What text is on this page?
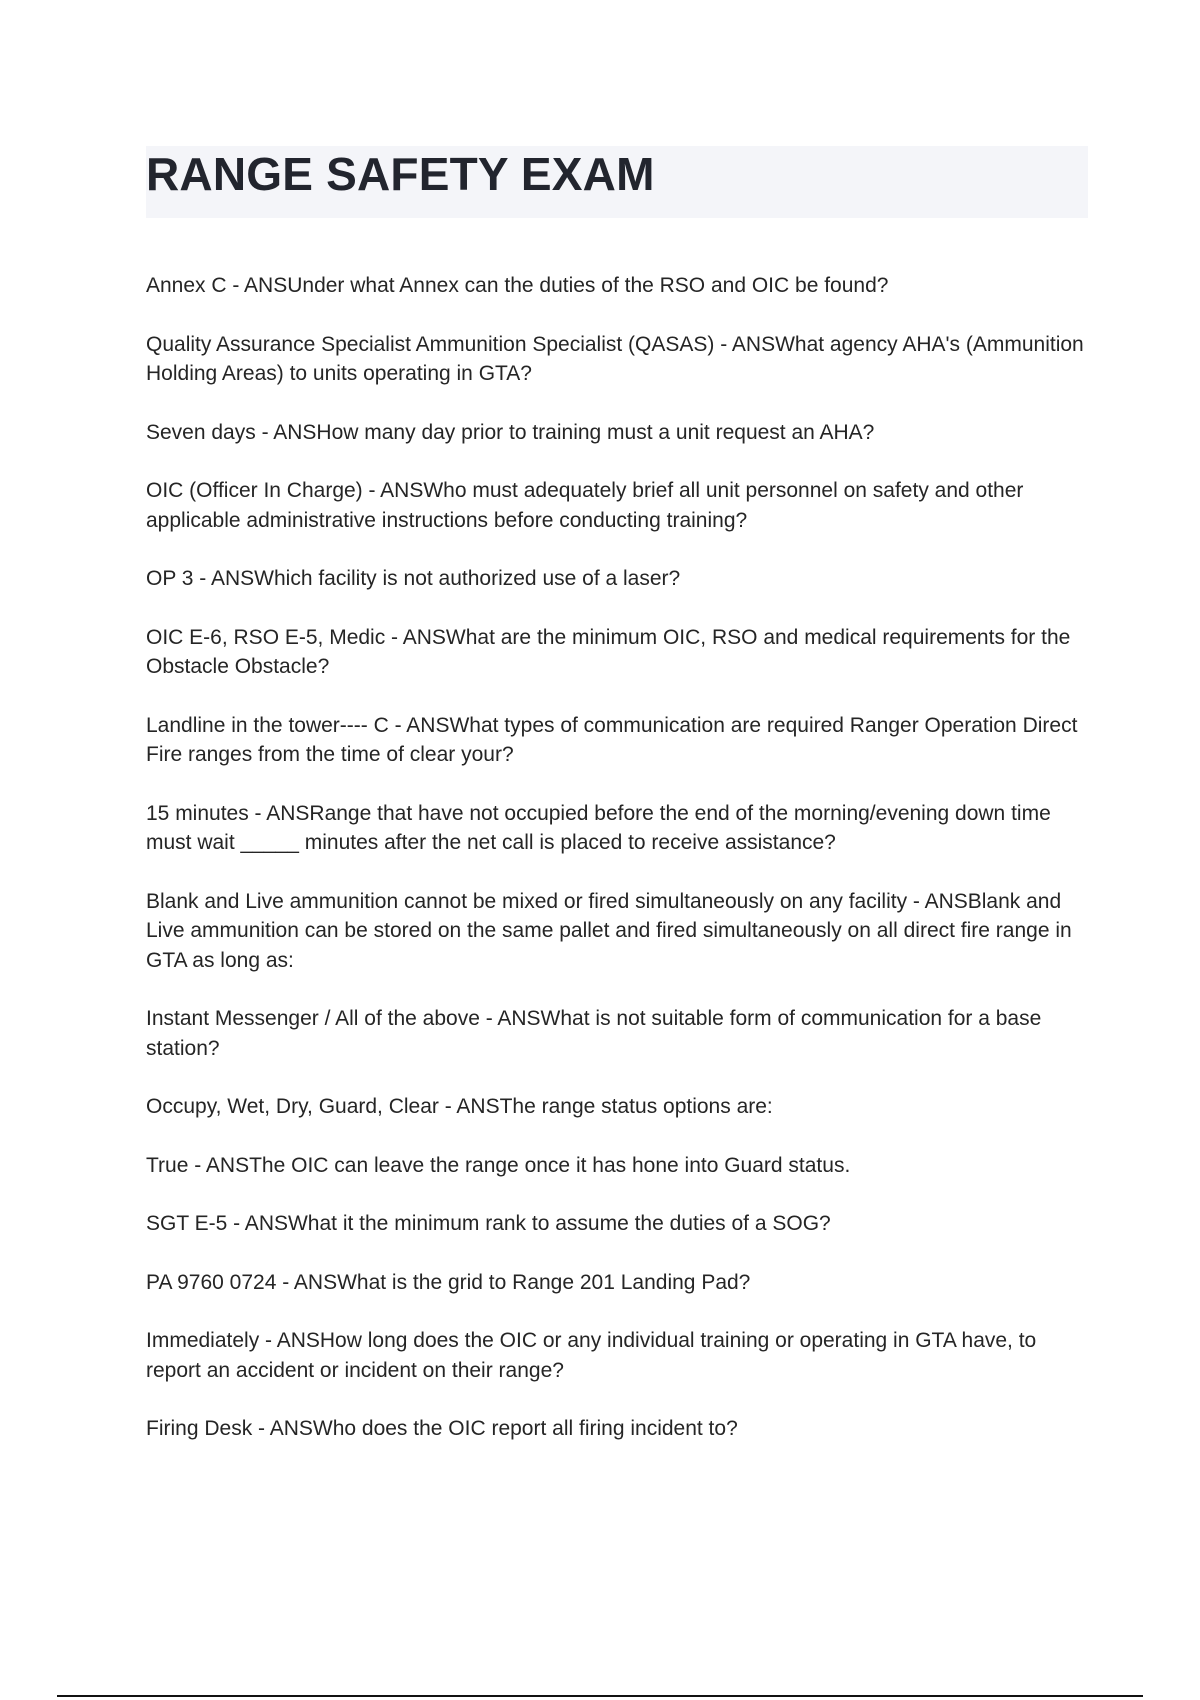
RANGE SAFETY EXAM
Annex C - ANSUnder what Annex can the duties of the RSO and OIC be found?
Quality Assurance Specialist Ammunition Specialist (QASAS) - ANSWhat agency AHA's (Ammunition Holding Areas) to units operating in GTA?
Seven days - ANSHow many day prior to training must a unit request an AHA?
OIC (Officer In Charge) - ANSWho must adequately brief all unit personnel on safety and other applicable administrative instructions before conducting training?
OP 3 - ANSWhich facility is not authorized use of a laser?
OIC E-6, RSO E-5, Medic - ANSWhat are the minimum OIC, RSO and medical requirements for the Obstacle Obstacle?
Landline in the tower---- C - ANSWhat types of communication are required Ranger Operation Direct Fire ranges from the time of clear your?
15 minutes - ANSRange that have not occupied before the end of the morning/evening down time must wait _____ minutes after the net call is placed to receive assistance?
Blank and Live ammunition cannot be mixed or fired simultaneously on any facility - ANSBlank and Live ammunition can be stored on the same pallet and fired simultaneously on all direct fire range in GTA as long as:
Instant Messenger / All of the above - ANSWhat is not suitable form of communication for a base station?
Occupy, Wet, Dry, Guard, Clear - ANSThe range status options are:
True - ANSThe OIC can leave the range once it has hone into Guard status.
SGT E-5 - ANSWhat it the minimum rank to assume the duties of a SOG?
PA 9760 0724 - ANSWhat is the grid to Range 201 Landing Pad?
Immediately - ANSHow long does the OIC or any individual training or operating in GTA have, to report an accident or incident on their range?
Firing Desk - ANSWho does the OIC report all firing incident to?
